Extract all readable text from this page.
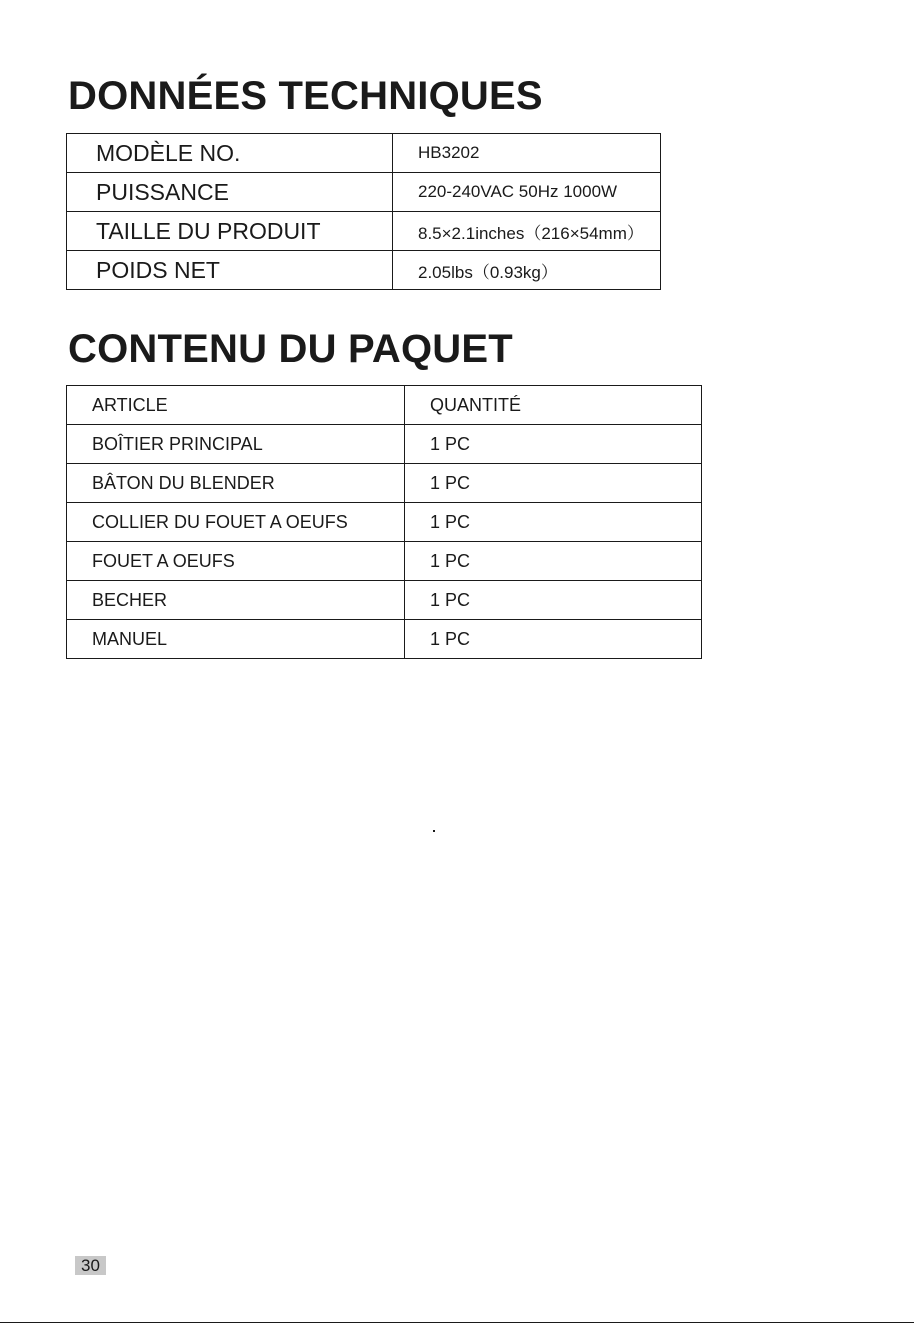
DONNÉES TECHNIQUES
MODÈLE NO.	HB3202
PUISSANCE	220-240VAC 50Hz 1000W
TAILLE DU PRODUIT	8.5×2.1inches（216×54mm）
POIDS NET	2.05lbs（0.93kg）
CONTENU DU PAQUET
ARTICLE	QUANTITÉ
BOÎTIER PRINCIPAL	1 PC
BÂTON DU BLENDER	1 PC
COLLIER DU FOUET A OEUFS	1 PC
FOUET A OEUFS	1 PC
BECHER	1 PC
MANUEL	1 PC
30
